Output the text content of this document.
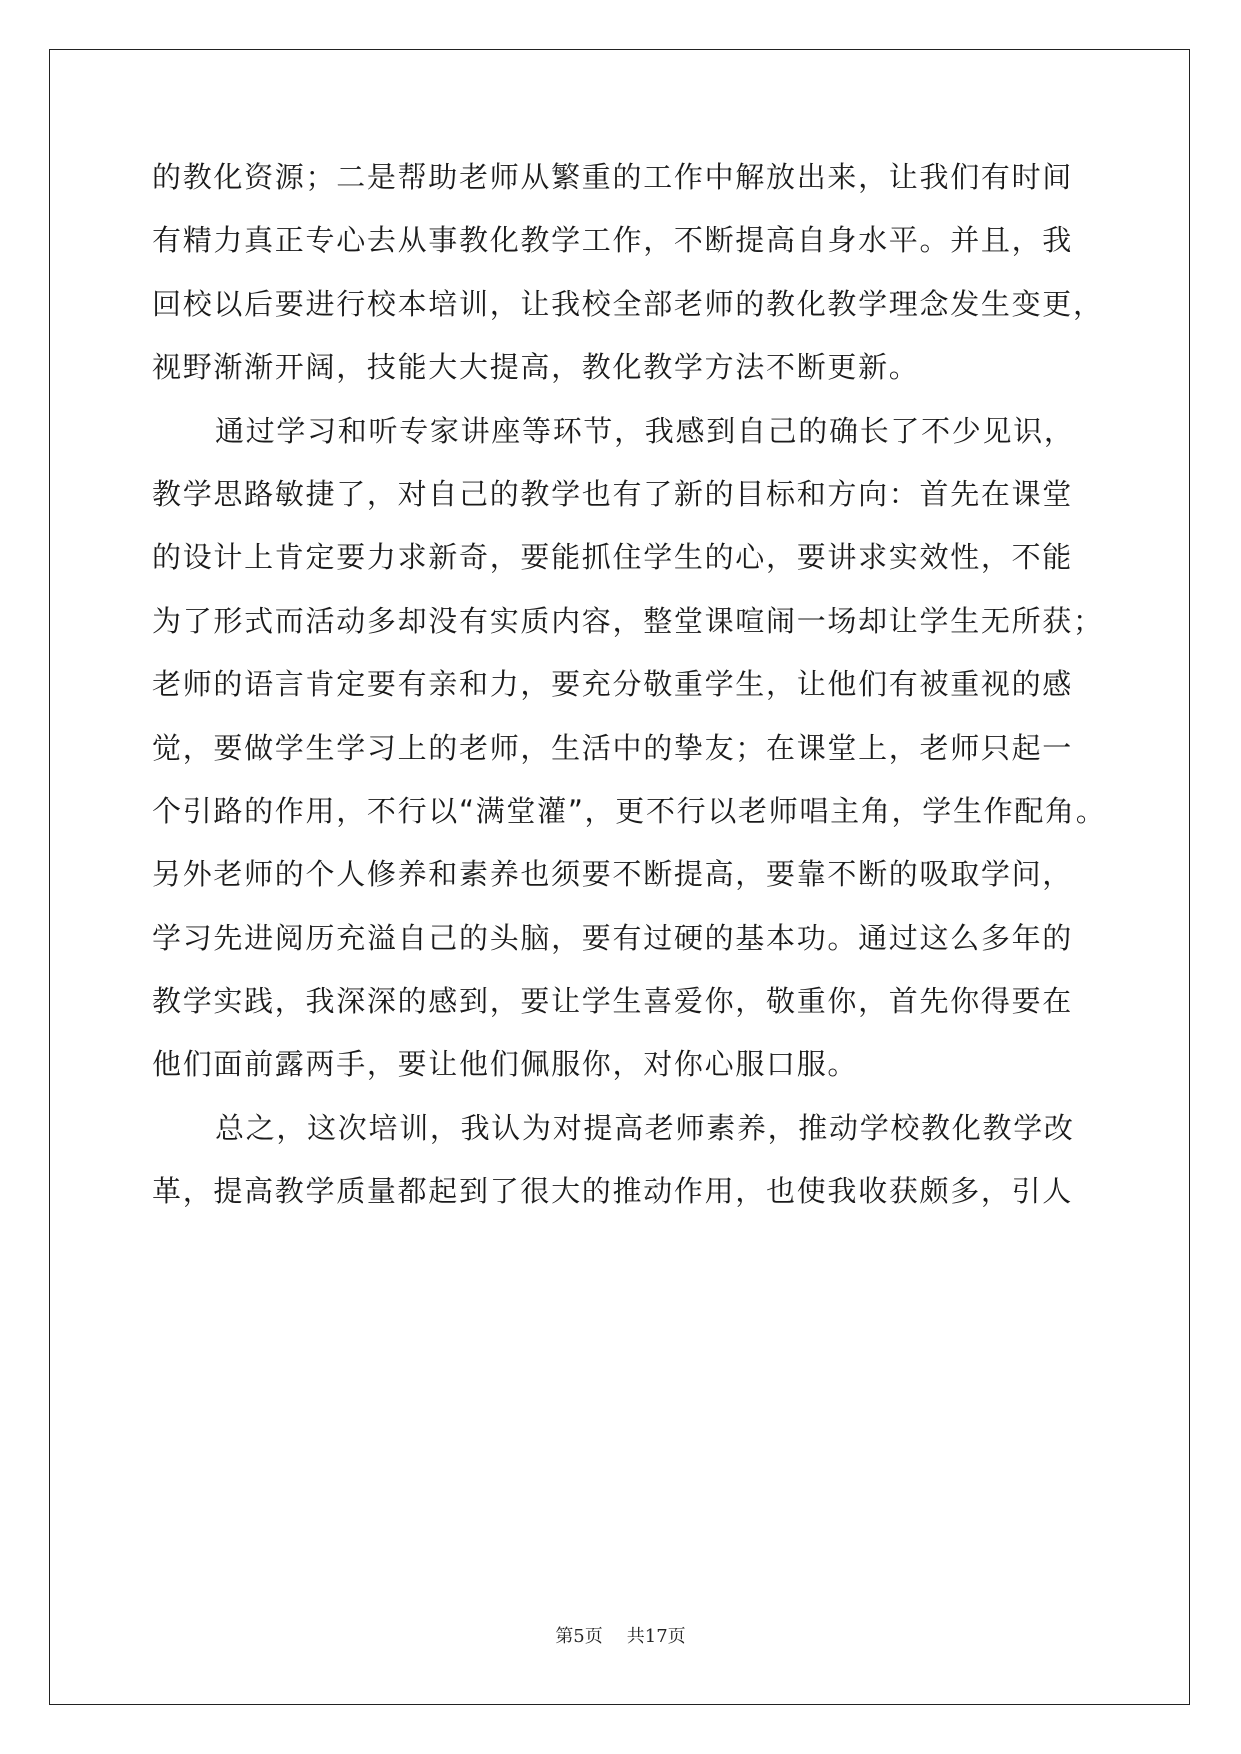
的教化资源；二是帮助老师从繁重的工作中解放出来，让我们有时间
有精力真正专心去从事教化教学工作，不断提高自身水平。并且，我
回校以后要进行校本培训，让我校全部老师的教化教学理念发生变更，
视野渐渐开阔，技能大大提高，教化教学方法不断更新。
通过学习和听专家讲座等环节，我感到自己的确长了不少见识，
教学思路敏捷了，对自己的教学也有了新的目标和方向：首先在课堂
的设计上肯定要力求新奇，要能抓住学生的心，要讲求实效性，不能
为了形式而活动多却没有实质内容，整堂课喧闹一场却让学生无所获；
老师的语言肯定要有亲和力，要充分敬重学生，让他们有被重视的感
觉，要做学生学习上的老师，生活中的挚友；在课堂上，老师只起一
个引路的作用，不行以“满堂灌”，更不行以老师唱主角，学生作配角。
另外老师的个人修养和素养也须要不断提高，要靠不断的吸取学问，
学习先进阅历充溢自己的头脑，要有过硬的基本功。通过这么多年的
教学实践，我深深的感到，要让学生喜爱你，敬重你，首先你得要在
他们面前露两手，要让他们佩服你，对你心服口服。
总之，这次培训，我认为对提高老师素养，推动学校教化教学改
革，提高教学质量都起到了很大的推动作用，也使我收获颇多，引人
第5页 共17页
